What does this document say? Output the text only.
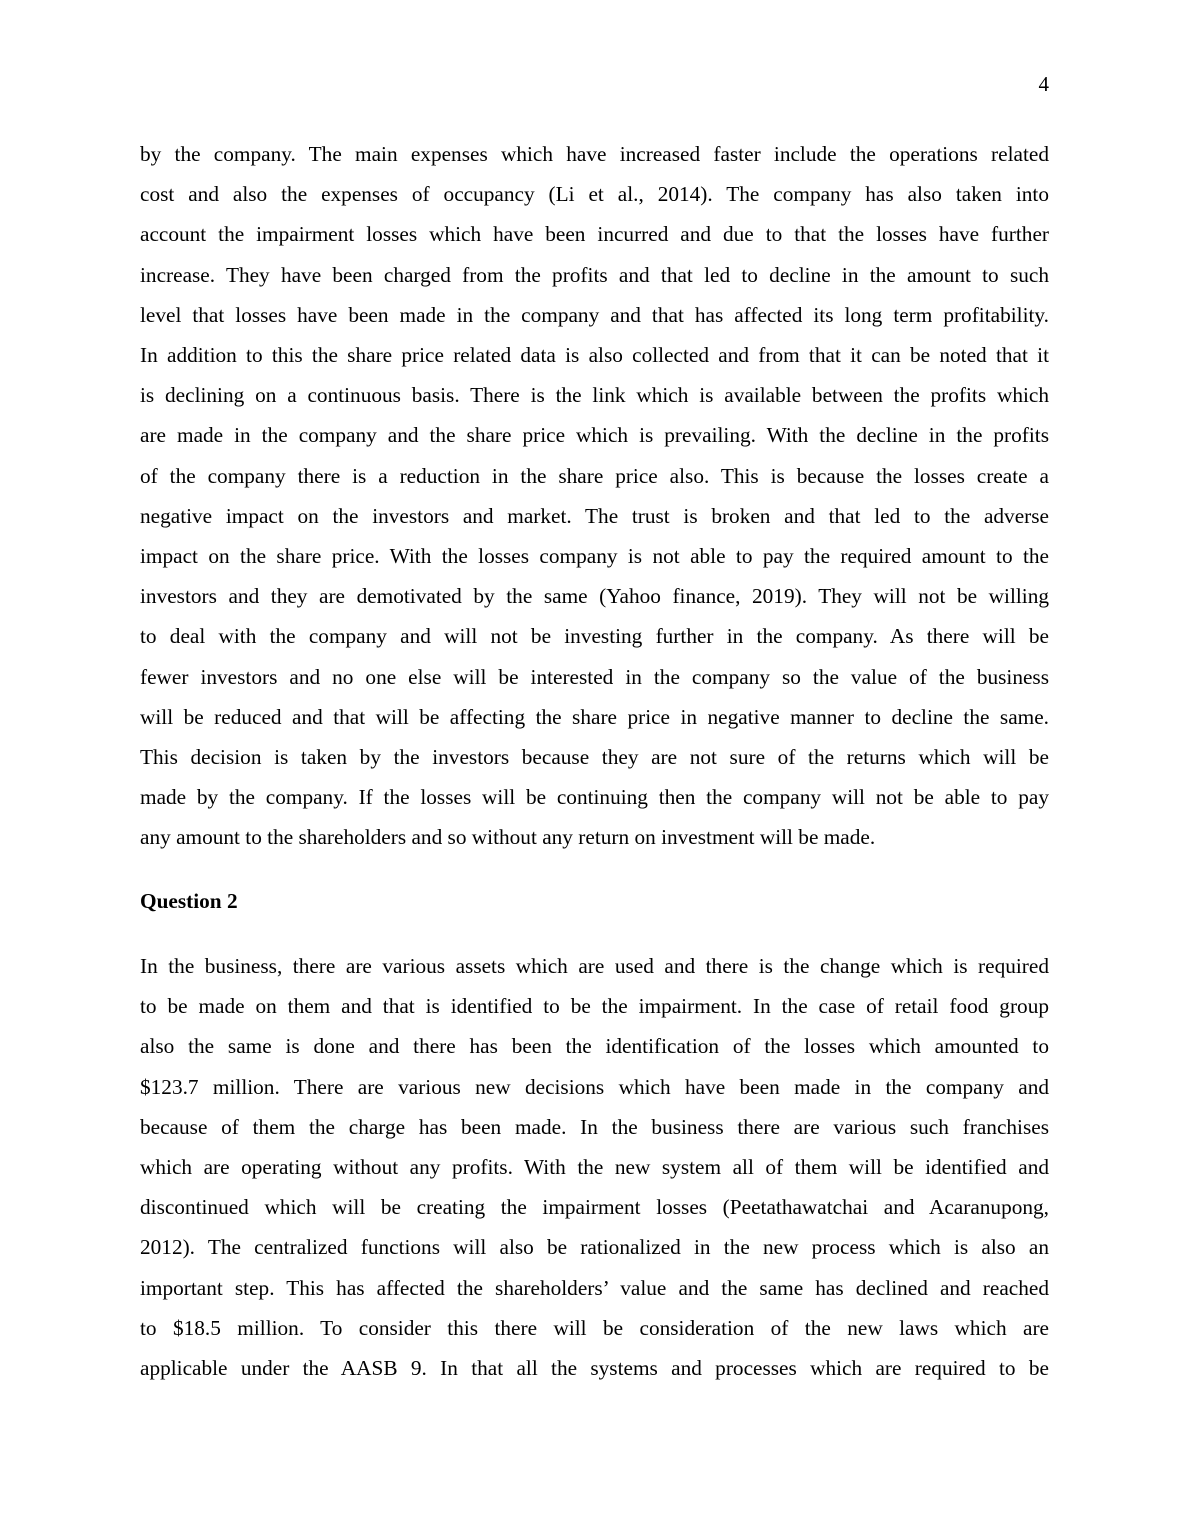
4
by the company. The main expenses which have increased faster include the operations related
cost and also the expenses of occupancy (Li et al., 2014). The company has also taken into
account the impairment losses which have been incurred and due to that the losses have further
increase. They have been charged from the profits and that led to decline in the amount to such
level that losses have been made in the company and that has affected its long term profitability.
In addition to this the share price related data is also collected and from that it can be noted that it
is declining on a continuous basis. There is the link which is available between the profits which
are made in the company and the share price which is prevailing. With the decline in the profits
of the company there is a reduction in the share price also. This is because the losses create a
negative impact on the investors and market. The trust is broken and that led to the adverse
impact on the share price. With the losses company is not able to pay the required amount to the
investors and they are demotivated by the same (Yahoo finance, 2019). They will not be willing
to deal with the company and will not be investing further in the company. As there will be
fewer investors and no one else will be interested in the company so the value of the business
will be reduced and that will be affecting the share price in negative manner to decline the same.
This decision is taken by the investors because they are not sure of the returns which will be
made by the company. If the losses will be continuing then the company will not be able to pay
any amount to the shareholders and so without any return on investment will be made.
Question 2
In the business, there are various assets which are used and there is the change which is required
to be made on them and that is identified to be the impairment. In the case of retail food group
also the same is done and there has been the identification of the losses which amounted to
$123.7 million. There are various new decisions which have been made in the company and
because of them the charge has been made. In the business there are various such franchises
which are operating without any profits. With the new system all of them will be identified and
discontinued which will be creating the impairment losses (Peetathawatchai and Acaranupong,
2012). The centralized functions will also be rationalized in the new process which is also an
important step. This has affected the shareholders’ value and the same has declined and reached
to $18.5 million. To consider this there will be consideration of the new laws which are
applicable under the AASB 9. In that all the systems and processes which are required to be
